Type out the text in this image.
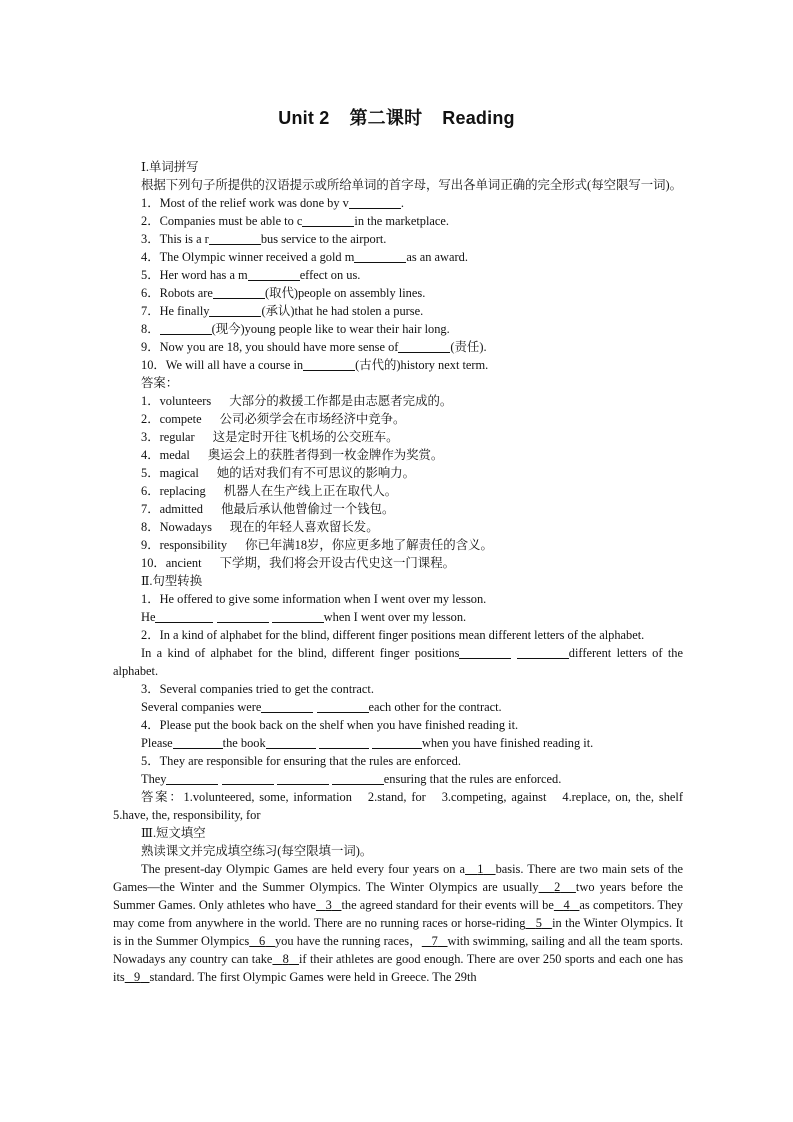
Unit 2 第二课时 Reading
Ⅰ.单词拼写
根据下列句子所提供的汉语提示或所给单词的首字母，写出各单词正确的完全形式(每空限写一词)。
1．Most of the relief work was done by v	.
2．Companies must be able to c	in the marketplace.
3．This is a r	bus service to the airport.
4．The Olympic winner received a gold m	as an award.
5．Her word has a m	effect on us.
6．Robots are	(取代)people on assembly lines.
7．He finally	(承认)that he had stolen a purse.
8．	(现今)young people like to wear their hair long.
9．Now you are 18, you should have more sense of	(责任).
10．We will all have a course in	(古代的)history next term.
答案：
1．volunteers 大部分的救援工作都是由志愿者完成的。
2．compete 公司必须学会在市场经济中竞争。
3．regular 这是定时开往飞机场的公交班车。
4．medal 奥运会上的获胜者得到一枚金牌作为奖赏。
5．magical 她的话对我们有不可思议的影响力。
6．replacing 机器人在生产线上正在取代人。
7．admitted 他最后承认他曾偷过一个钱包。
8．Nowadays 现在的年轻人喜欢留长发。
9．responsibility 你已年满18岁，你应更多地了解责任的含义。
10．ancient 下学期，我们将会开设古代史这一门课程。
Ⅱ.句型转换
1．He offered to give some information when I went over my lesson.
He	when I went over my lesson.
2．In a kind of alphabet for the blind, different finger positions mean different letters of the alphabet.
In a kind of alphabet for the blind, different finger positions	different letters of the alphabet.
3．Several companies tried to get the contract.
Several companies were	each other for the contract.
4．Please put the book back on the shelf when you have finished reading it.
Please	the book	when you have finished reading it.
5．They are responsible for ensuring that the rules are enforced.
They	ensuring that the rules are enforced.
答案：1.volunteered, some, information　2.stand, for　3.competing, against　4.replace, on, the, shelf　5.have, the, responsibility, for
Ⅲ.短文填空
熟读课文并完成填空练习(每空限填一词)。
The present-day Olympic Games are held every four years on a 1 basis. There are two main sets of the Games—the Winter and the Summer Olympics. The Winter Olympics are usually 2 two years before the Summer Games. Only athletes who have 3 the agreed standard for their events will be 4 as competitors. They may come from anywhere in the world. There are no running races or horse-riding 5 in the Winter Olympics. It is in the Summer Olympics 6 you have the running races， 7 with swimming, sailing and all the team sports. Nowadays any country can take 8 if their athletes are good enough. There are over 250 sports and each one has its 9 standard. The first Olympic Games were held in Greece. The 29th
